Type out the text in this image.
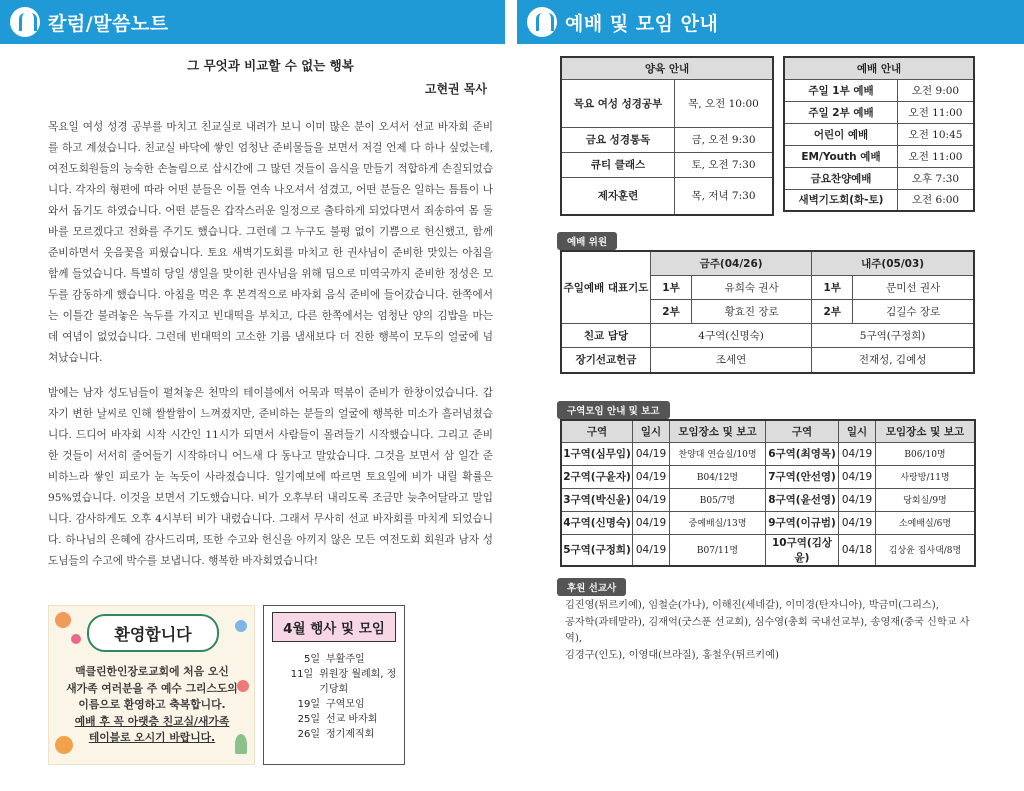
칼럼/말씀노트	예배 및 모임 안내
그 무엇과 비교할 수 없는 행복
고현권 목사

목요일 여성 성경 공부를 마치고 친교실로 내려가 보니 이미 많은 분이 오셔서 선교 바자회 준비를 하고 계셨습니다. 친교실 바닥에 쌓인 엄청난 준비물들을 보면서 저걸 언제 다 하나 싶었는데, 여전도회원들의 능숙한 손놀림으로 삽시간에 그 많던 것들이 음식을 만들기 적합하게 손질되었습니다. 각자의 형편에 따라 어떤 분들은 이틀 연속 나오셔서 섬겼고, 어떤 분들은 일하는 틈틈이 나와서 돕기도 하였습니다. 어떤 분들은 갑작스러운 일정으로 출타하게 되었다면서 죄송하여 몸 둘 바를 모르겠다고 전화를 주기도 했습니다. 그런데 그 누구도 불평 없이 기쁨으로 헌신했고, 함께 준비하면서 웃음꽃을 피웠습니다. 토요 새벽기도회를 마치고 한 권사님이 준비한 맛있는 아침을 함께 들었습니다. 특별히 당일 생일을 맞이한 권사님을 위해 딤으로 미역국까지 준비한 정성은 모두를 감동하게 했습니다. 아침을 먹은 후 본격적으로 바자회 음식 준비에 들어갔습니다. 한쪽에서는 이틀간 불려놓은 녹두를 가지고 빈대떡을 부치고, 다른 한쪽에서는 엄청난 양의 김밥을 마는 데 여념이 없었습니다. 그런데 빈대떡의 고소한 기름 냄새보다 더 진한 행복이 모두의 얼굴에 넘쳐났습니다.

밤에는 남자 성도님들이 펼쳐놓은 천막의 테이블에서 어묵과 떡볶이 준비가 한창이었습니다. 갑자기 변한 날씨로 인해 쌀쌀함이 느껴졌지만, 준비하는 분들의 얼굴에 행복한 미소가 흘러넘쳤습니다. 드디어 바자회 시작 시간인 11시가 되면서 사람들이 몰려들기 시작했습니다. 그리고 준비한 것들이 서서히 줄어들기 시작하더니 어느새 다 동나고 말았습니다. 그것을 보면서 삼 일간 준비하느라 쌓인 피로가 눈 녹듯이 사라졌습니다. 일기예보에 따르면 토요일에 비가 내릴 확률은 95%였습니다. 이것을 보면서 기도했습니다. 비가 오후부터 내리도록 조금만 늦추어달라고 말입니다. 감사하게도 오후 4시부터 비가 내렸습니다. 그래서 무사히 선교 바자회를 마치게 되었습니다. 하나님의 은혜에 감사드리며, 또한 수고와 헌신을 아끼지 않은 모든 여전도회 회원과 남자 성도님들의 수고에 박수를 보냅니다. 행복한 바자회였습니다!

환영합니다
맥클린한인장로교회에 처음 오신
새가족 여러분을 주 예수 그리스도의
이름으로 환영하고 축복합니다.
예배 후 꼭 아랫층 친교실/새가족
테이블로 오시기 바랍니다.
4월 행사 및 모임
5일 부활주일
11일 위원장 월례회, 정기당회
19일 구역모임
25일 선교 바자회
26일 정기제직회
양육 안내	
목요 여성 성경공부	목, 오전 10:00
금요 성경통독	금, 오전 9:30
큐티 클래스	토, 오전 7:30
제자훈련	목, 저녁 7:30
예배 안내	
주일 1부 예배	오전 9:00
주일 2부 예배	오전 11:00
어린이 예배	오전 10:45
EM/Youth 예배	오전 11:00
금요찬양예배	오후 7:30
새벽기도회(화-토)	오전 6:00
예배 위원
주일예배 대표기도	금주(04/26)		내주(05/03)	
	1부	유희숙 권사	1부	문미선 권사
	2부	황효진 장로	2부	김길수 장로
친교 담당	4구역(신명숙)		5구역(구정희)	
장기선교헌금	조세연		전재성, 김예성	
구역모임 안내 및 보고
구역	일시	모임장소 및 보고	구역	일시	모임장소 및 보고
1구역(심무임)	04/19	찬양대 연습실/10명	6구역(최영목)	04/19	B06/10명
2구역(구윤자)	04/19	B04/12명	7구역(안선영)	04/19	사랑방/11명
3구역(박신윤)	04/19	B05/7명	8구역(윤선영)	04/19	당회실/9명
4구역(신명숙)	04/19	중예배실/13명	9구역(이규범)	04/19	소예배실/6명
5구역(구정희)	04/19	B07/11명	10구역(김상윤)	04/18	김상윤 집사댁/8명
후원 선교사
김진영(튀르키예), 임철순(가나), 이해진(세네갈), 이미경(탄자니아), 박금미(그리스),
공자학(과테말라), 김재억(굿스푼 선교회), 심수영(총회 국내선교부), 송영재(중국 신학교 사역),
김경구(인도), 이영대(브라질), 홍철우(튀르키예)
